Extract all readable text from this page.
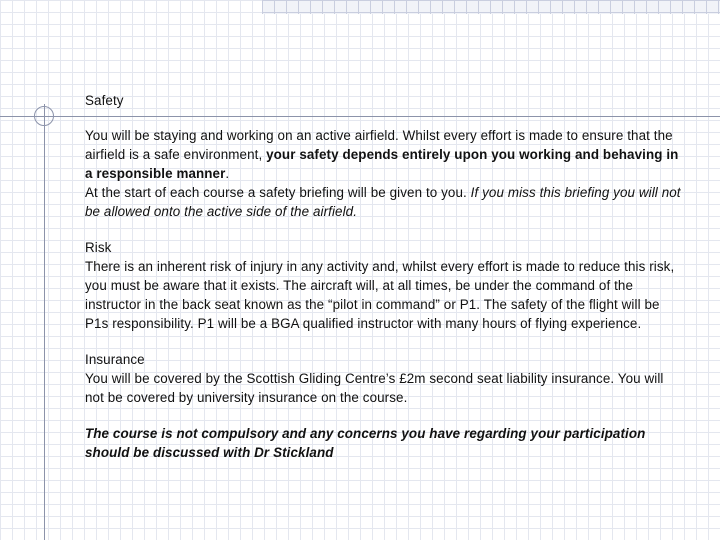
Safety

You will be staying and working on an active airfield. Whilst every effort is made to ensure that the airfield is a safe environment, your safety depends entirely upon you working and behaving in a responsible manner.

At the start of each course a safety briefing will be given to you. If you miss this briefing you will not be allowed onto the active side of the airfield.

Risk

There is an inherent risk of injury in any activity and, whilst every effort is made to reduce this risk, you must be aware that it exists. The aircraft will, at all times, be under the command of the instructor in the back seat known as the “pilot in command” or P1. The safety of the flight will be P1s responsibility. P1 will be a BGA qualified instructor with many hours of flying experience.

Insurance

You will be covered by the Scottish Gliding Centre’s £2m second seat liability insurance. You will not be covered by university insurance on the course.

The course is not compulsory and any concerns you have regarding your participation should be discussed with Dr Stickland
